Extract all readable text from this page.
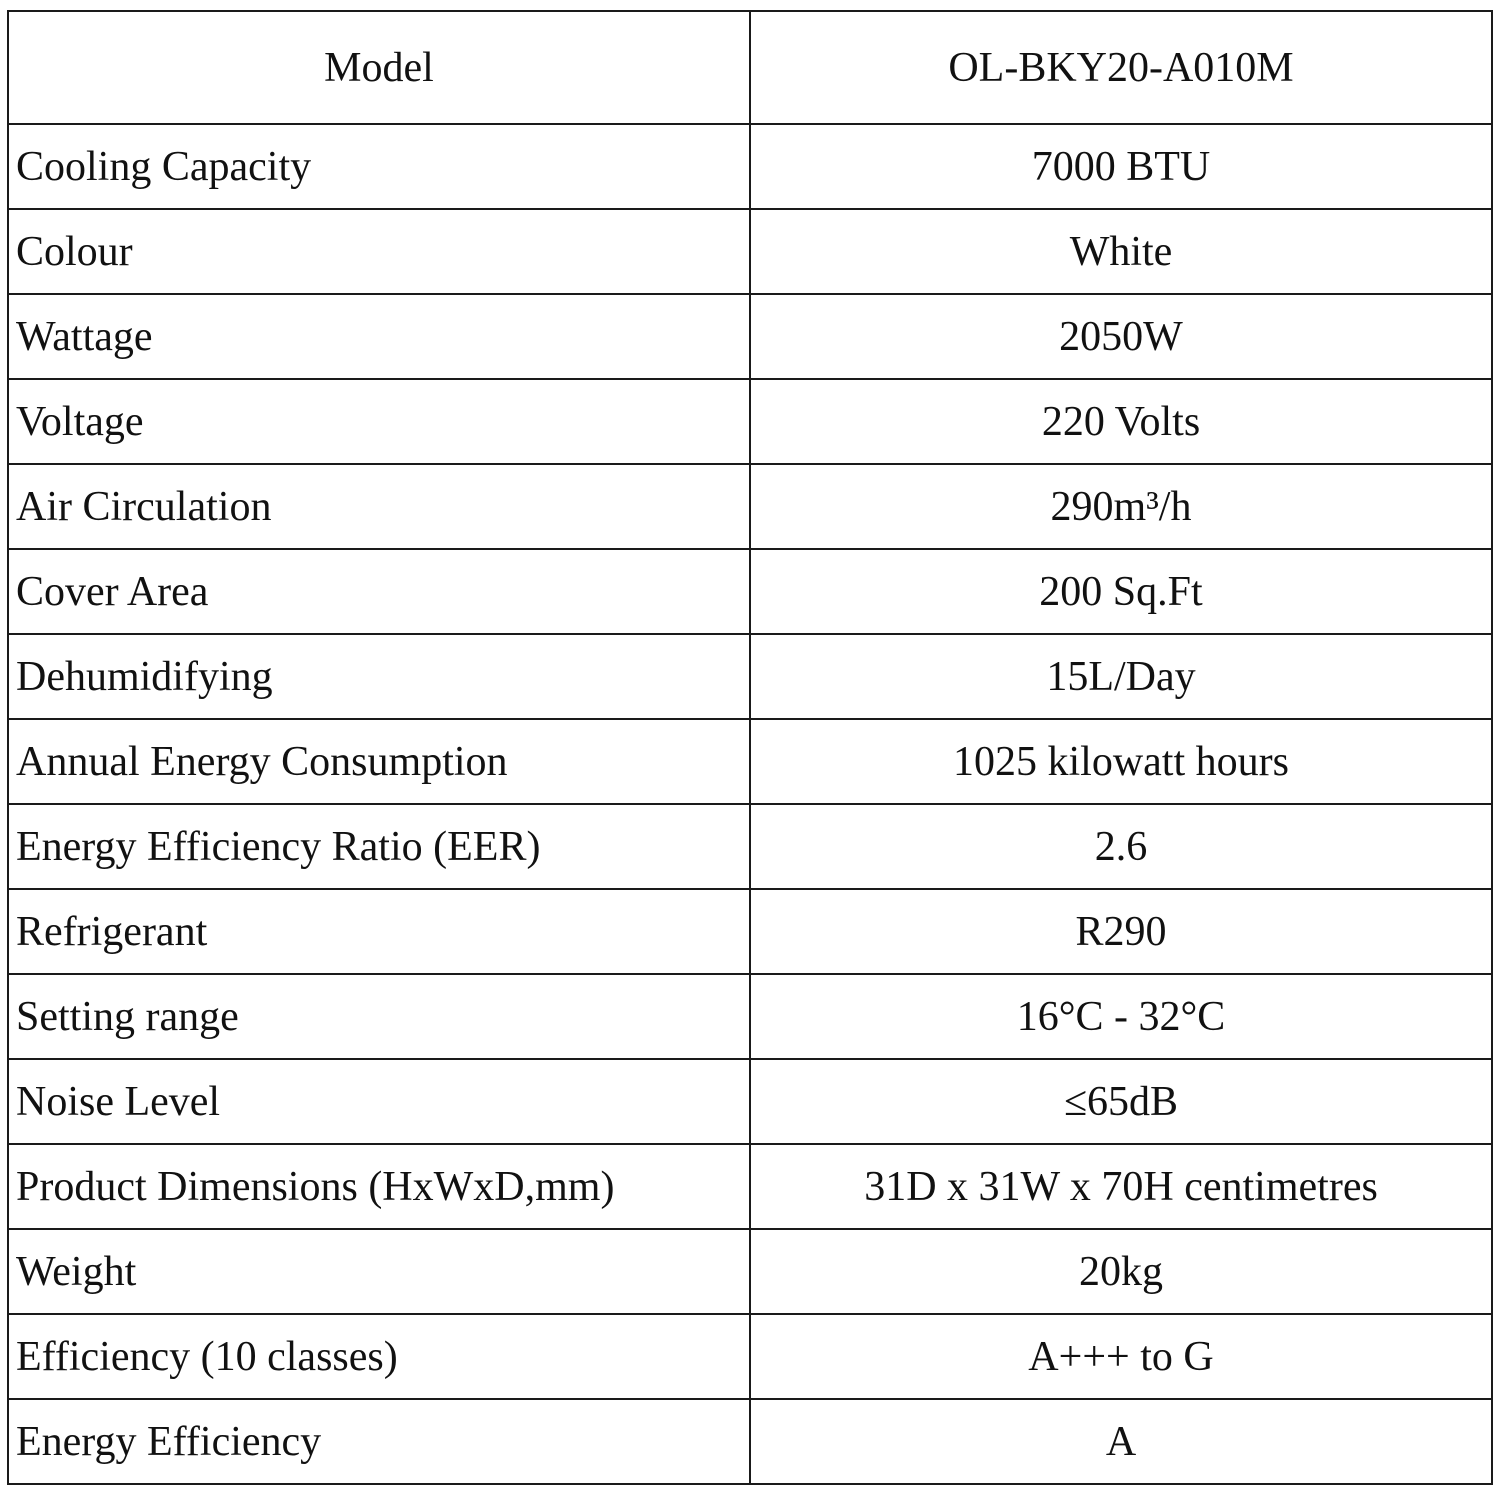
Model	OL-BKY20-A010M
Cooling Capacity	7000 BTU
Colour	White
Wattage	2050W
Voltage	220 Volts
Air Circulation	290m³/h
Cover Area	200 Sq.Ft
Dehumidifying	15L/Day
Annual Energy Consumption	1025 kilowatt hours
Energy Efficiency Ratio (EER)	2.6
Refrigerant	R290
Setting range	16°C - 32°C
Noise Level	≤65dB
Product Dimensions (HxWxD,mm)	31D x 31W x 70H centimetres
Weight	20kg
Efficiency (10 classes)	A+++ to G
Energy Efficiency	A
